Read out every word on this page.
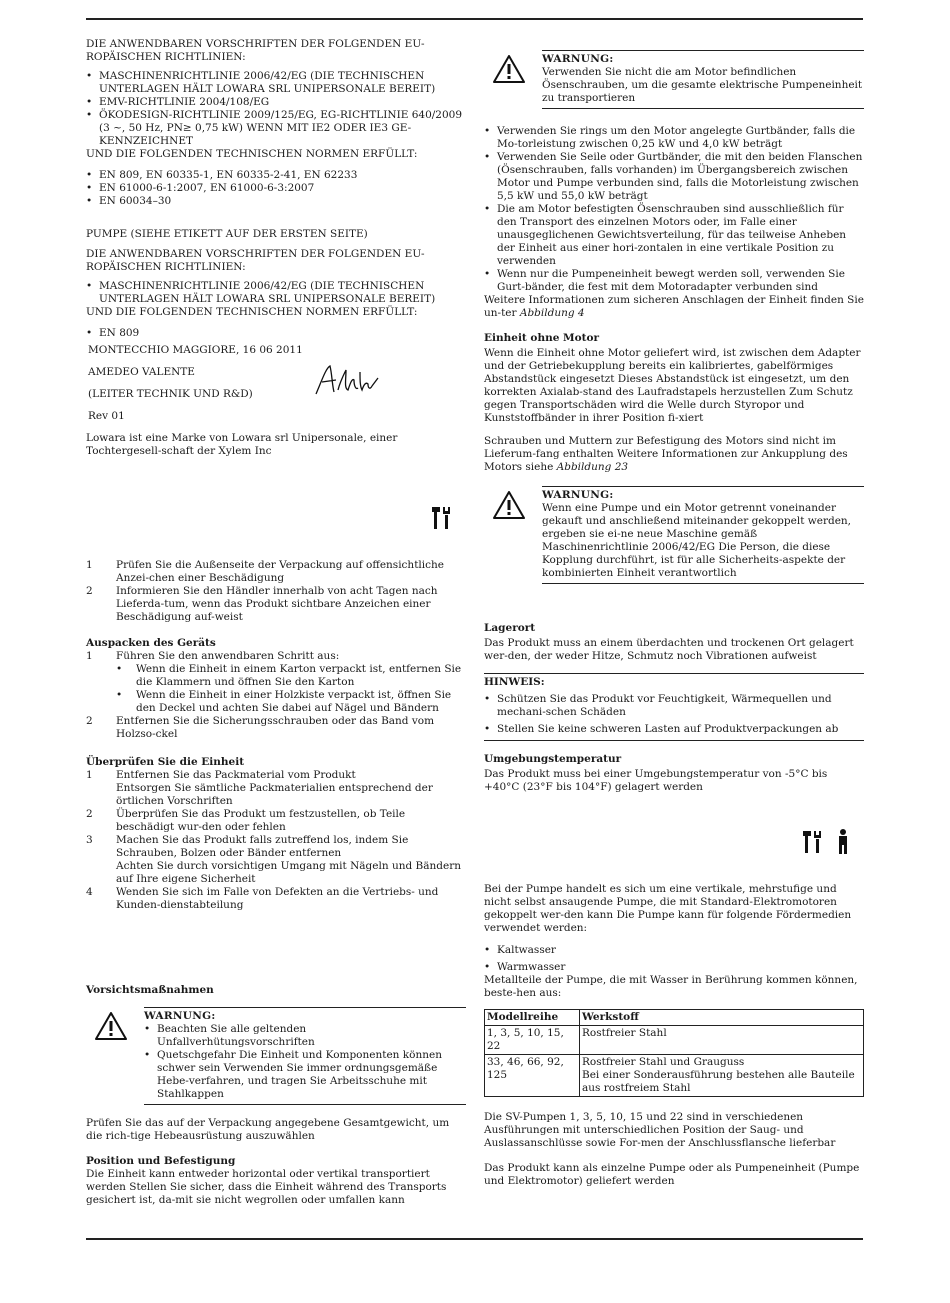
DIE ANWENDBAREN VORSCHRIFTEN DER FOLGENDEN EU-ROPÄISCHEN RICHTLINIEN:

• MASCHINENRICHTLINIE 2006/42/EG (DIE TECHNISCHEN UNTERLAGEN HÄLT LOWARA SRL UNIPERSONALE BEREIT)
• EMV-RICHTLINIE 2004/108/EG
• ÖKODESIGN-RICHTLINIE 2009/125/EG, EG-RICHTLINIE 640/2009 (3 ~, 50 Hz, PN≥ 0,75 kW) WENN MIT IE2 ODER IE3 GE-KENNZEICHNET

UND DIE FOLGENDEN TECHNISCHEN NORMEN ERFÜLLT:

• EN 809, EN 60335-1, EN 60335-2-41, EN 62233
• EN 61000-6-1:2007, EN 61000-6-3:2007
• EN 60034–30

PUMPE (SIEHE ETIKETT AUF DER ERSTEN SEITE)

DIE ANWENDBAREN VORSCHRIFTEN DER FOLGENDEN EU-ROPÄISCHEN RICHTLINIEN:

• MASCHINENRICHTLINIE 2006/42/EG (DIE TECHNISCHEN UNTERLAGEN HÄLT LOWARA SRL UNIPERSONALE BEREIT)

UND DIE FOLGENDEN TECHNISCHEN NORMEN ERFÜLLT:

• EN 809

MONTECCHIO MAGGIORE, 16 06 2011

AMEDEO VALENTE

(LEITER TECHNIK UND R&D)

Rev 01

Lowara ist eine Marke von Lowara srl Unipersonale, einer Tochtergesell-schaft der Xylem Inc

1 Prüfen Sie die Außenseite der Verpackung auf offensichtliche Anzei-chen einer Beschädigung
2 Informieren Sie den Händler innerhalb von acht Tagen nach Lieferda-tum, wenn das Produkt sichtbare Anzeichen einer Beschädigung auf-weist

Auspacken des Geräts

1 Führen Sie den anwendbaren Schritt aus:
• Wenn die Einheit in einem Karton verpackt ist, entfernen Sie die Klammern und öffnen Sie den Karton
• Wenn die Einheit in einer Holzkiste verpackt ist, öffnen Sie den Deckel und achten Sie dabei auf Nägel und Bändern
2 Entfernen Sie die Sicherungsschrauben oder das Band vom Holzso-ckel

Überprüfen Sie die Einheit

1 Entfernen Sie das Packmaterial vom Produkt
Entsorgen Sie sämtliche Packmaterialien entsprechend der örtlichen Vorschriften
2 Überprüfen Sie das Produkt um festzustellen, ob Teile beschädigt wur-den oder fehlen
3 Machen Sie das Produkt falls zutreffend los, indem Sie Schrauben, Bolzen oder Bänder entfernen
Achten Sie durch vorsichtigen Umgang mit Nägeln und Bändern auf Ihre eigene Sicherheit
4 Wenden Sie sich im Falle von Defekten an die Vertriebs- und Kunden-dienstabteilung

Vorsichtsmaßnahmen

WARNUNG:

• Beachten Sie alle geltenden Unfallverhütungsvorschriften
• Quetschgefahr Die Einheit und Komponenten können schwer sein Verwenden Sie immer ordnungsgemäße Hebe-verfahren, und tragen Sie Arbeitsschuhe mit Stahlkappen

Prüfen Sie das auf der Verpackung angegebene Gesamtgewicht, um die rich-tige Hebeausrüstung auszuwählen

Position und Befestigung

Die Einheit kann entweder horizontal oder vertikal transportiert werden Stellen Sie sicher, dass die Einheit während des Transports gesichert ist, da-mit sie nicht wegrollen oder umfallen kann

WARNUNG:

Verwenden Sie nicht die am Motor befindlichen Ösenschrauben, um die gesamte elektrische Pumpeneinheit zu transportieren

• Verwenden Sie rings um den Motor angelegte Gurtbänder, falls die Mo-torleistung zwischen 0,25 kW und 4,0 kW beträgt
• Verwenden Sie Seile oder Gurtbänder, die mit den beiden Flanschen (Ösenschrauben, falls vorhanden) im Übergangsbereich zwischen Motor und Pumpe verbunden sind, falls die Motorleistung zwischen 5,5 kW und 55,0 kW beträgt
• Die am Motor befestigten Ösenschrauben sind ausschließlich für den Transport des einzelnen Motors oder, im Falle einer unausgeglichenen Gewichtsverteilung, für das teilweise Anheben der Einheit aus einer hori-zontalen in eine vertikale Position zu verwenden
• Wenn nur die Pumpeneinheit bewegt werden soll, verwenden Sie Gurt-bänder, die fest mit dem Motoradapter verbunden sind

Weitere Informationen zum sicheren Anschlagen der Einheit finden Sie un-ter Abbildung 4

Einheit ohne Motor

Wenn die Einheit ohne Motor geliefert wird, ist zwischen dem Adapter und der Getriebekupplung bereits ein kalibriertes, gabelförmiges Abstandstück eingesetzt Dieses Abstandstück ist eingesetzt, um den korrekten Axialab-stand des Laufradstapels herzustellen Zum Schutz gegen Transportschäden wird die Welle durch Styropor und Kunststoffbänder in ihrer Position fi-xiert

Schrauben und Muttern zur Befestigung des Motors sind nicht im Lieferum-fang enthalten Weitere Informationen zur Ankupplung des Motors siehe Abbildung 23

WARNUNG:

Wenn eine Pumpe und ein Motor getrennt voneinander gekauft und anschließend miteinander gekoppelt werden, ergeben sie ei-ne neue Maschine gemäß Maschinenrichtlinie 2006/42/EG Die Person, die diese Kopplung durchführt, ist für alle Sicherheits-aspekte der kombinierten Einheit verantwortlich

Lagerort

Das Produkt muss an einem überdachten und trockenen Ort gelagert wer-den, der weder Hitze, Schmutz noch Vibrationen aufweist

HINWEIS:

• Schützen Sie das Produkt vor Feuchtigkeit, Wärmequellen und mechani-schen Schäden
• Stellen Sie keine schweren Lasten auf Produktverpackungen ab

Umgebungstemperatur

Das Produkt muss bei einer Umgebungstemperatur von -5°C bis +40°C (23°F bis 104°F) gelagert werden

Bei der Pumpe handelt es sich um eine vertikale, mehrstufige und nicht selbst ansaugende Pumpe, die mit Standard-Elektromotoren gekoppelt wer-den kann Die Pumpe kann für folgende Fördermedien verwendet werden:

• Kaltwasser
• Warmwasser

Metallteile der Pumpe, die mit Wasser in Berührung kommen können, beste-hen aus:

Modellreihe	Werkstoff
1, 3, 5, 10, 15, 22	Rostfreier Stahl
33, 46, 66, 92, 125	Rostfreier Stahl und Grauguss
Bei einer Sonderausführung bestehen alle Bauteile aus rostfreiem Stahl

Die SV-Pumpen 1, 3, 5, 10, 15 und 22 sind in verschiedenen Ausführungen mit unterschiedlichen Position der Saug- und Auslassanschlüsse sowie For-men der Anschlussflansche lieferbar

Das Produkt kann als einzelne Pumpe oder als Pumpeneinheit (Pumpe und Elektromotor) geliefert werden
